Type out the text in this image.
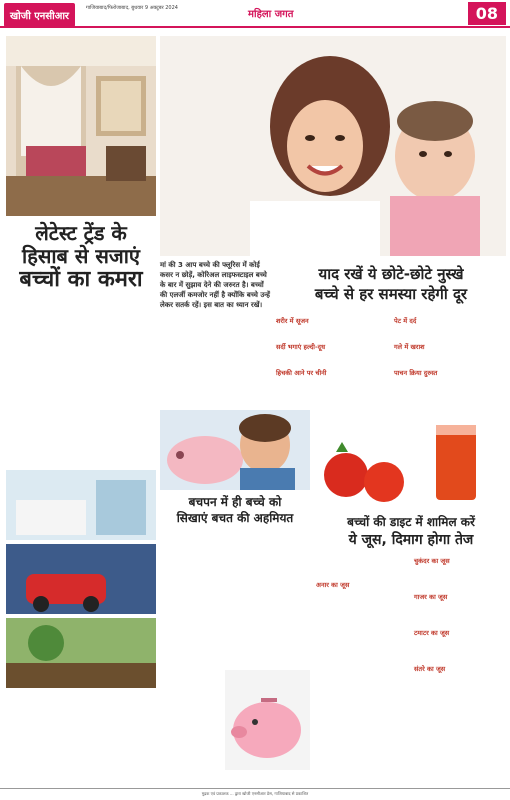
खोजी एनसीआर
गाजियाबाद/फिरोजाबाद, बुधवार 9 अक्टूबर 2024
महिला जगत	08
लेटेस्ट ट्रेंड के
हिसाब से सजाएं
बच्चों का कमरा
मां की 3 आप बच्चे की फ्लूरिस में कोई कसर न छोड़ें, कोरिअल लाइफस्टाइल बच्चे के बार में सुझाव देने की जरुरत है। बच्चों की एलर्जी कमजोर नहीं है क्योंकि बच्चे उन्हें लेकर सतर्क रहें। इस बात का ध्यान रखें।
याद रखें ये छोटे-छोटे नुस्खे
बच्चे से हर समस्या रहेगी दूर
शरीर में सूजन
सर्दी भगाएं हल्दी-दूध
हिचकी आने पर चीनी
पेट में दर्द
गले में खराश
पाचन क्रिया दुरुस्त
बचपन में ही बच्चे को
सिखाएं बचत की अहमियत	बच्चों की डाइट में शामिल करें
ये जूस, दिमाग होगा तेज
अनार का जूस
चुकंदर का जूस
गाजर का जूस
टमाटर का जूस
संतरे का जूस
मुद्रक एवं प्रकाशक ... द्वारा खोजी एनसीआर प्रेस, गाजियाबाद से प्रकाशित
